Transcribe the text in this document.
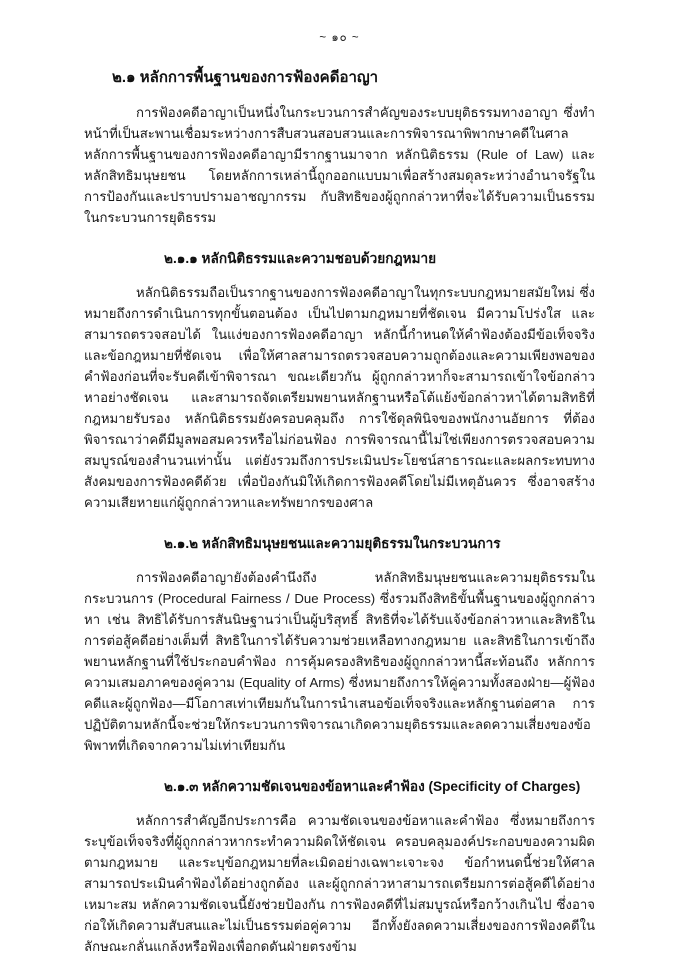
~ ๑๐ ~
๒.๑ หลักการพื้นฐานของการฟ้องคดีอาญา

การฟ้องคดีอาญาเป็นหนึ่งในกระบวนการสำคัญของระบบยุติธรรมทางอาญา ซึ่งทำหน้าที่เป็นสะพานเชื่อมระหว่างการสืบสวนสอบสวนและการพิจารณาพิพากษาคดีในศาล หลักการพื้นฐานของการฟ้องคดีอาญามีรากฐานมาจาก หลักนิติธรรม (Rule of Law) และ หลักสิทธิมนุษยชน โดยหลักการเหล่านี้ถูกออกแบบมาเพื่อสร้างสมดุลระหว่างอำนาจรัฐในการป้องกันและปราบปรามอาชญากรรม กับสิทธิของผู้ถูกกล่าวหาที่จะได้รับความเป็นธรรมในกระบวนการยุติธรรม

๒.๑.๑ หลักนิติธรรมและความชอบด้วยกฎหมาย

หลักนิติธรรมถือเป็นรากฐานของการฟ้องคดีอาญาในทุกระบบกฎหมายสมัยใหม่ ซึ่งหมายถึงการดำเนินการทุกขั้นตอนต้อง เป็นไปตามกฎหมายที่ชัดเจน มีความโปร่งใส และสามารถตรวจสอบได้ ในแง่ของการฟ้องคดีอาญา หลักนี้กำหนดให้คำฟ้องต้องมีข้อเท็จจริงและข้อกฎหมายที่ชัดเจน เพื่อให้ศาลสามารถตรวจสอบความถูกต้องและความเพียงพอของคำฟ้องก่อนที่จะรับคดีเข้าพิจารณา ขณะเดียวกัน ผู้ถูกกล่าวหาก็จะสามารถเข้าใจข้อกล่าวหาอย่างชัดเจน และสามารถจัดเตรียมพยานหลักฐานหรือโต้แย้งข้อกล่าวหาได้ตามสิทธิที่กฎหมายรับรอง หลักนิติธรรมยังครอบคลุมถึง การใช้ดุลพินิจของพนักงานอัยการ ที่ต้องพิจารณาว่าคดีมีมูลพอสมควรหรือไม่ก่อนฟ้อง การพิจารณานี้ไม่ใช่เพียงการตรวจสอบความสมบูรณ์ของสำนวนเท่านั้น แต่ยังรวมถึงการประเมินประโยชน์สาธารณะและผลกระทบทางสังคมของการฟ้องคดีด้วย เพื่อป้องกันมิให้เกิดการฟ้องคดีโดยไม่มีเหตุอันควร ซึ่งอาจสร้างความเสียหายแก่ผู้ถูกกล่าวหาและทรัพยากรของศาล

๒.๑.๒ หลักสิทธิมนุษยชนและความยุติธรรมในกระบวนการ

การฟ้องคดีอาญายังต้องคำนึงถึง หลักสิทธิมนุษยชนและความยุติธรรมในกระบวนการ (Procedural Fairness / Due Process) ซึ่งรวมถึงสิทธิขั้นพื้นฐานของผู้ถูกกล่าวหา เช่น สิทธิได้รับการสันนิษฐานว่าเป็นผู้บริสุทธิ์ สิทธิที่จะได้รับแจ้งข้อกล่าวหาและสิทธิในการต่อสู้คดีอย่างเต็มที่ สิทธิในการได้รับความช่วยเหลือทางกฎหมาย และสิทธิในการเข้าถึงพยานหลักฐานที่ใช้ประกอบคำฟ้อง การคุ้มครองสิทธิของผู้ถูกกล่าวหานี้สะท้อนถึง หลักการความเสมอภาคของคู่ความ (Equality of Arms) ซึ่งหมายถึงการให้คู่ความทั้งสองฝ่าย—ผู้ฟ้องคดีและผู้ถูกฟ้อง—มีโอกาสเท่าเทียมกันในการนำเสนอข้อเท็จจริงและหลักฐานต่อศาล การปฏิบัติตามหลักนี้จะช่วยให้กระบวนการพิจารณาเกิดความยุติธรรมและลดความเสี่ยงของข้อพิพาทที่เกิดจากความไม่เท่าเทียมกัน

๒.๑.๓ หลักความชัดเจนของข้อหาและคำฟ้อง (Specificity of Charges)

หลักการสำคัญอีกประการคือ ความชัดเจนของข้อหาและคำฟ้อง ซึ่งหมายถึงการระบุข้อเท็จจริงที่ผู้ถูกกล่าวหากระทำความผิดให้ชัดเจน ครอบคลุมองค์ประกอบของความผิดตามกฎหมาย และระบุข้อกฎหมายที่ละเมิดอย่างเฉพาะเจาะจง ข้อกำหนดนี้ช่วยให้ศาลสามารถประเมินคำฟ้องได้อย่างถูกต้อง และผู้ถูกกล่าวหาสามารถเตรียมการต่อสู้คดีได้อย่างเหมาะสม หลักความชัดเจนนี้ยังช่วยป้องกัน การฟ้องคดีที่ไม่สมบูรณ์หรือกว้างเกินไป ซึ่งอาจก่อให้เกิดความสับสนและไม่เป็นธรรมต่อคู่ความ อีกทั้งยังลดความเสี่ยงของการฟ้องคดีในลักษณะกลั่นแกล้งหรือฟ้องเพื่อกดดันฝ่ายตรงข้าม
